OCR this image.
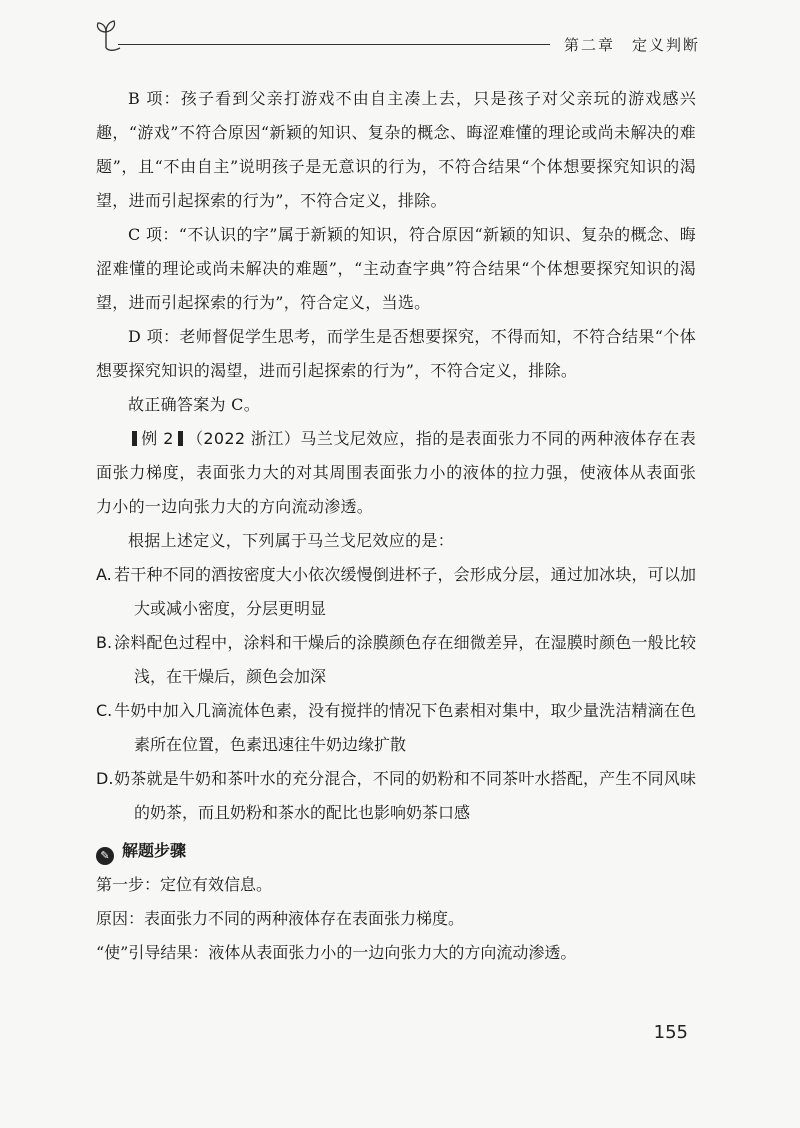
第二章　定义判断

B 项：孩子看到父亲打游戏不由自主凑上去，只是孩子对父亲玩的游戏感兴趣，“游戏”不符合原因“新颖的知识、复杂的概念、晦涩难懂的理论或尚未解决的难题”，且“不由自主”说明孩子是无意识的行为，不符合结果“个体想要探究知识的渴望，进而引起探索的行为”，不符合定义，排除。

C 项：“不认识的字”属于新颖的知识，符合原因“新颖的知识、复杂的概念、晦涩难懂的理论或尚未解决的难题”，“主动查字典”符合结果“个体想要探究知识的渴望，进而引起探索的行为”，符合定义，当选。

D 项：老师督促学生思考，而学生是否想要探究，不得而知，不符合结果“个体想要探究知识的渴望，进而引起探索的行为”，不符合定义，排除。

故正确答案为 C。

例 2 （2022 浙江）马兰戈尼效应，指的是表面张力不同的两种液体存在表面张力梯度，表面张力大的对其周围表面张力小的液体的拉力强，使液体从表面张力小的一边向张力大的方向流动渗透。

根据上述定义，下列属于马兰戈尼效应的是：

A. 若干种不同的酒按密度大小依次缓慢倒进杯子，会形成分层，通过加冰块，可以加大或减小密度，分层更明显

B. 涂料配色过程中，涂料和干燥后的涂膜颜色存在细微差异，在湿膜时颜色一般比较浅，在干燥后，颜色会加深

C. 牛奶中加入几滴流体色素，没有搅拌的情况下色素相对集中，取少量洗洁精滴在色素所在位置，色素迅速往牛奶边缘扩散

D.奶茶就是牛奶和茶叶水的充分混合，不同的奶粉和不同茶叶水搭配，产生不同风味的奶茶，而且奶粉和茶水的配比也影响奶茶口感

✎ 解题步骤

第一步：定位有效信息。

原因：表面张力不同的两种液体存在表面张力梯度。

“使”引导结果：液体从表面张力小的一边向张力大的方向流动渗透。

155
